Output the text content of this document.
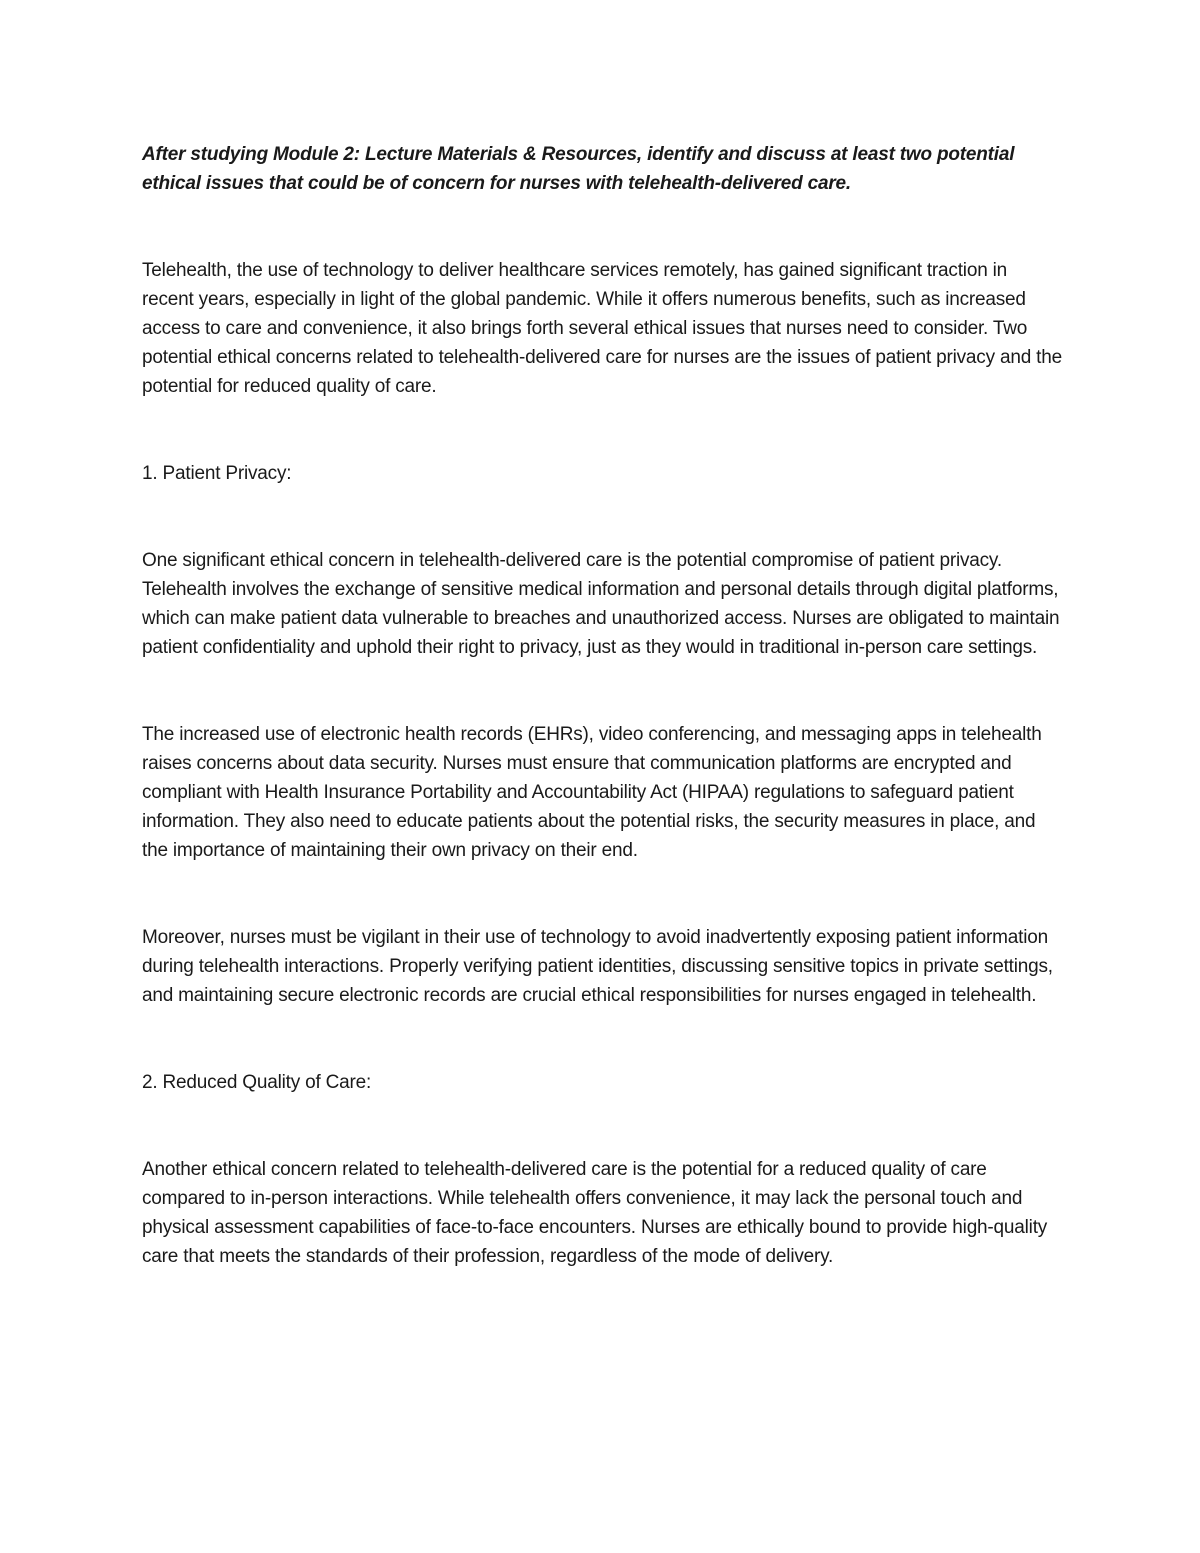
After studying Module 2: Lecture Materials & Resources, identify and discuss at least two potential ethical issues that could be of concern for nurses with telehealth-delivered care.

Telehealth, the use of technology to deliver healthcare services remotely, has gained significant traction in recent years, especially in light of the global pandemic. While it offers numerous benefits, such as increased access to care and convenience, it also brings forth several ethical issues that nurses need to consider. Two potential ethical concerns related to telehealth-delivered care for nurses are the issues of patient privacy and the potential for reduced quality of care.

1. Patient Privacy:

One significant ethical concern in telehealth-delivered care is the potential compromise of patient privacy. Telehealth involves the exchange of sensitive medical information and personal details through digital platforms, which can make patient data vulnerable to breaches and unauthorized access. Nurses are obligated to maintain patient confidentiality and uphold their right to privacy, just as they would in traditional in-person care settings.

The increased use of electronic health records (EHRs), video conferencing, and messaging apps in telehealth raises concerns about data security. Nurses must ensure that communication platforms are encrypted and compliant with Health Insurance Portability and Accountability Act (HIPAA) regulations to safeguard patient information. They also need to educate patients about the potential risks, the security measures in place, and the importance of maintaining their own privacy on their end.

Moreover, nurses must be vigilant in their use of technology to avoid inadvertently exposing patient information during telehealth interactions. Properly verifying patient identities, discussing sensitive topics in private settings, and maintaining secure electronic records are crucial ethical responsibilities for nurses engaged in telehealth.

2. Reduced Quality of Care:

Another ethical concern related to telehealth-delivered care is the potential for a reduced quality of care compared to in-person interactions. While telehealth offers convenience, it may lack the personal touch and physical assessment capabilities of face-to-face encounters. Nurses are ethically bound to provide high-quality care that meets the standards of their profession, regardless of the mode of delivery.
